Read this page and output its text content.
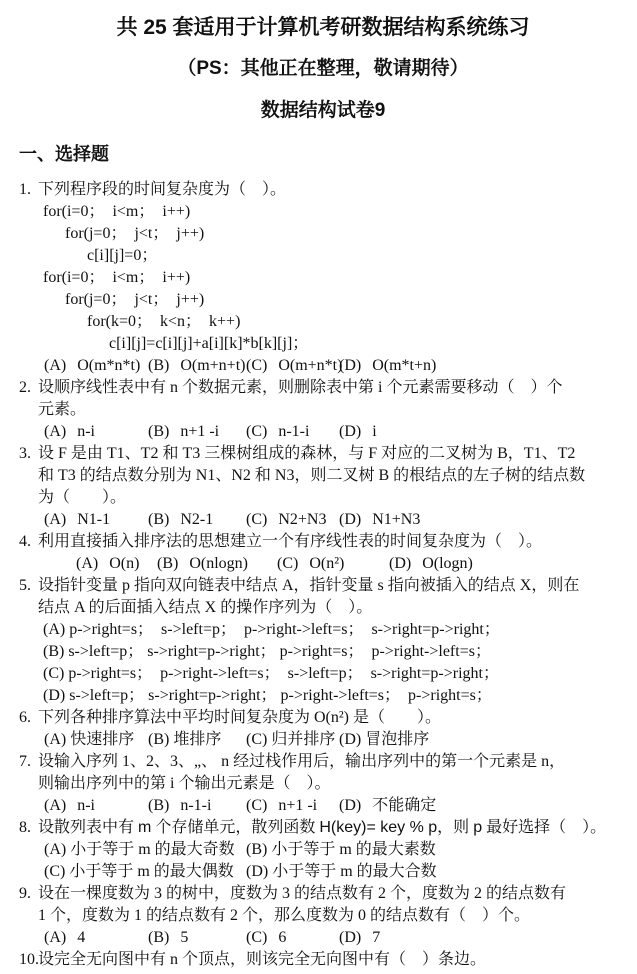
共 25 套适用于计算机考研数据结构系统练习
（PS：其他正在整理，敬请期待）
数据结构试卷9
一、选择题
1. 下列程序段的时间复杂度为（　）。
for(i=0；  i<m；  i++)
for(j=0；  j<t；  j++)
c[i][j]=0；
for(i=0；  i<m；  i++)
for(j=0；  j<t；  j++)
for(k=0；  k<n；  k++)
c[i][j]=c[i][j]+a[i][k]*b[k][j]；
(A) O(m*n*t) (B) O(m+n+t)(C) O(m+n*t)(D) O(m*t+n)
2. 设顺序线性表中有 n 个数据元素，则删除表中第 i 个元素需要移动（　）个
元素。
(A) n-i	(B) n+1 -i (C) n-1-i (D) i
3. 设 F 是由 T1、T2 和 T3 三棵树组成的森林，与 F 对应的二叉树为 B，T1、T2
和 T3 的结点数分别为 N1、N2 和 N3，则二叉树 B 的根结点的左子树的结点数
为（　　）。
(A) N1-1 (B) N2-1 (C) N2+N3 (D) N1+N3
4. 利用直接插入排序法的思想建立一个有序线性表的时间复杂度为（　）。
(A) O(n) (B) O(nlogn) (C) O(n²)	(D) O(logn)
5. 设指针变量 p 指向双向链表中结点 A，指针变量 s 指向被插入的结点 X，则在
结点 A 的后面插入结点 X 的操作序列为（　）。
(A) p->right=s；  s->left=p；  p->right->left=s；  s->right=p->right；
(B) s->left=p； s->right=p->right； p->right=s；  p->right->left=s；
(C) p->right=s；  p->right->left=s；  s->left=p；  s->right=p->right；
(D) s->left=p； s->right=p->right； p->right->left=s；  p->right=s；
6. 下列各种排序算法中平均时间复杂度为 O(n²) 是（　　）。
(A) 快速排序 (B) 堆排序 (C) 归并排序 (D) 冒泡排序
7. 设输入序列 1、2、3、„、 n 经过栈作用后，输出序列中的第一个元素是 n，
则输出序列中的第 i 个输出元素是（　）。
(A) n-i	(B) n-1-i (C) n+1 -i (D) 不能确定
8. 设散列表中有 m 个存储单元，散列函数 H(key)= key % p，则 p 最好选择（　）。
(A) 小于等于 m 的最大奇数 (B) 小于等于 m 的最大素数
(C) 小于等于 m 的最大偶数 (D) 小于等于 m 的最大合数
9. 设在一棵度数为 3 的树中，度数为 3 的结点数有 2 个，度数为 2 的结点数有
1 个，度数为 1 的结点数有 2 个，那么度数为 0 的结点数有（　）个。
(A) 4	(B) 5	(C) 6	(D) 7
10. 设完全无向图中有 n 个顶点，则该完全无向图中有（　）条边。
